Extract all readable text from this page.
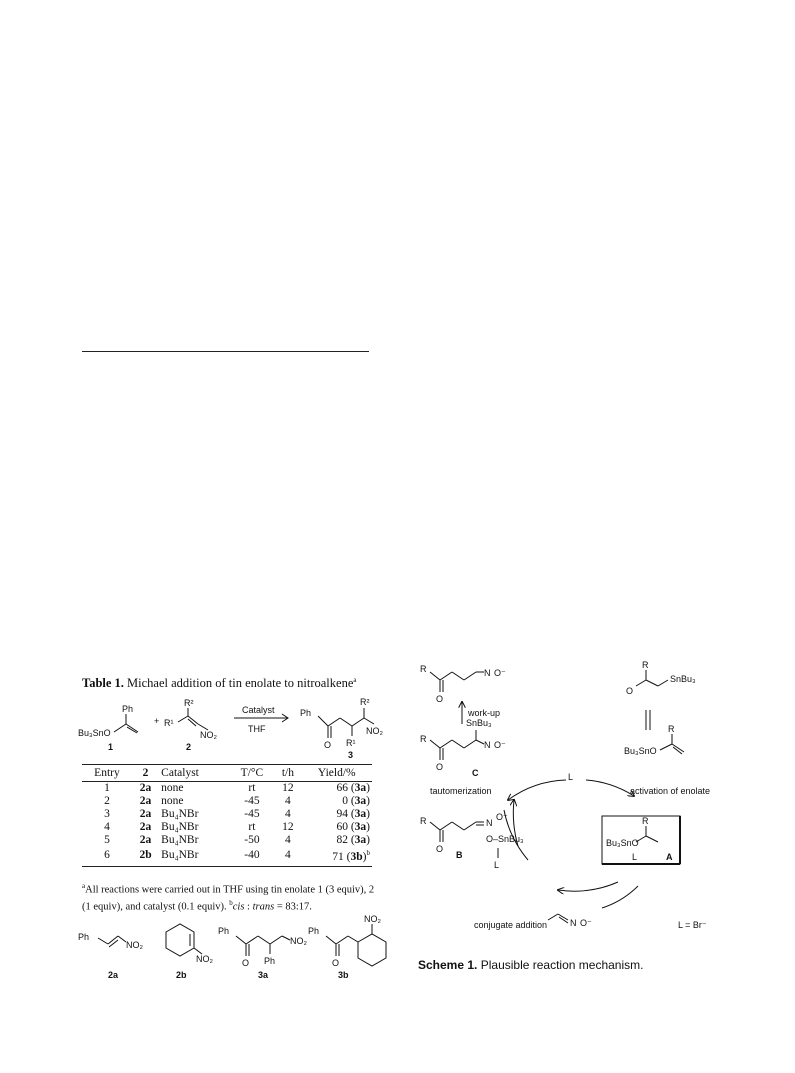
Table 1. Michael addition of tin enolate to nitroalkene$^a$
Ph
Bu₃SnO
1
+ R¹
R²
NO₂
2
Catalyst
THF
Ph
O R¹
R²
NO₂
3
Entry	2	Catalyst	T/°C	t/h	Yield/%
1	2a	none	rt	12	66 (3a)
2	2a	none	-45	4	0 (3a)
3	2a	Bu₄NBr	-45	4	94 (3a)
4	2a	Bu₄NBr	rt	12	60 (3a)
5	2a	Bu₄NBr	-50	4	82 (3a)
6	2b	Bu₄NBr	-40	4	71 $(3b)^b$
$^a$All reactions were carried out in THF using tin enolate 1 (3 equiv), 2 (1 equiv), and catalyst (0.1 equiv). $^b$cis : trans = 83:17.
Ph
NO₂
2a
NO₂
2b
Ph
O Ph
NO₂
3a
Ph
O
NO₂
3b
R
O
N O⁻
work-up
R
SnBu₃
O
N O⁻
C
tautomerization
L
R
O
SnBu₃
R
Bu₃SnO
activation of enolate
R
Bu₃SnO
L	A
R
O
N
O⁻
O–SnBu₃
L
B
conjugate addition	N O⁻	L = Br⁻
Scheme 1. Plausible reaction mechanism.
